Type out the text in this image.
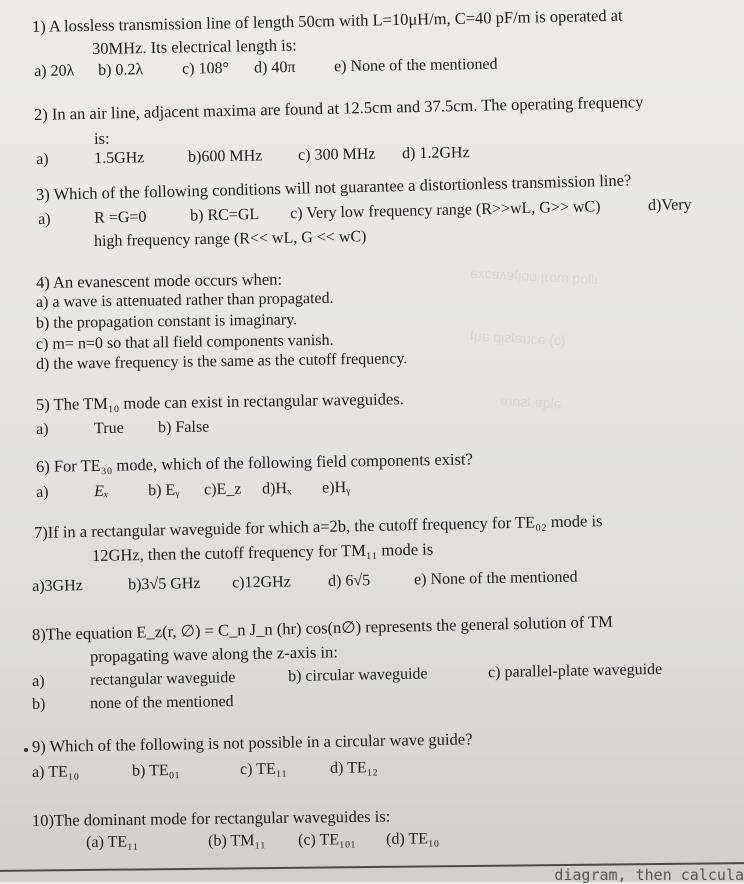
ᴉlloq moɹɟ uoᴉʇɐʌɐɔxǝ
(ɔ) ǝɔuɐʇsᴉp ǝɥʇ
ǝlqɐ ʇsnɾɐ
1) A lossless transmission line of length 50cm with L=10μH/m, C=40 pF/m is operated at
30MHz. Its electrical length is:
a) 20λ b) 0.2λ c) 108° d) 40π e) None of the mentioned
2) In an air line, adjacent maxima are found at 12.5cm and 37.5cm. The operating frequency
is:
a)	1.5GHz	b)600 MHz c) 300 MHz d) 1.2GHz
3) Which of the following conditions will not guarantee a distortionless transmission line?
a)	R =G=0	b) RC=GL c) Very low frequency range (R>>wL, G>> wC)	d)Very
high frequency range (R<< wL, G << wC)
4) An evanescent mode occurs when:
a) a wave is attenuated rather than propagated.
b) the propagation constant is imaginary.
c) m= n=0 so that all field components vanish.
d) the wave frequency is the same as the cutoff frequency.
5) The TM₁₀ mode can exist in rectangular waveguides.
a)	True b) False
6) For TE₃₀ mode, which of the following field components exist?
a)	Eₓ b) Eᵧ c)E_z d)Hₓ e)Hᵧ
7)If in a rectangular waveguide for which a=2b, the cutoff frequency for TE₀₂ mode is
12GHz, then the cutoff frequency for TM₁₁ mode is
a)3GHz	b)3√5 GHz c)12GHz d) 6√5	e) None of the mentioned
8)The equation E_z(r, ∅) = C_n J_n (hr) cos(n∅) represents the general solution of TM
propagating wave along the z-axis in:
a)	rectangular waveguide	b) circular waveguide	c) parallel-plate waveguide
b)	none of the mentioned
9) Which of the following is not possible in a circular wave guide?
a) TE₁₀	b) TE₀₁	c) TE₁₁	d) TE₁₂
10)The dominant mode for rectangular waveguides is:
(a) TE₁₁	(b) TM₁₁ (c) TE₁₀₁ (d) TE₁₀
diagram, then calcula
